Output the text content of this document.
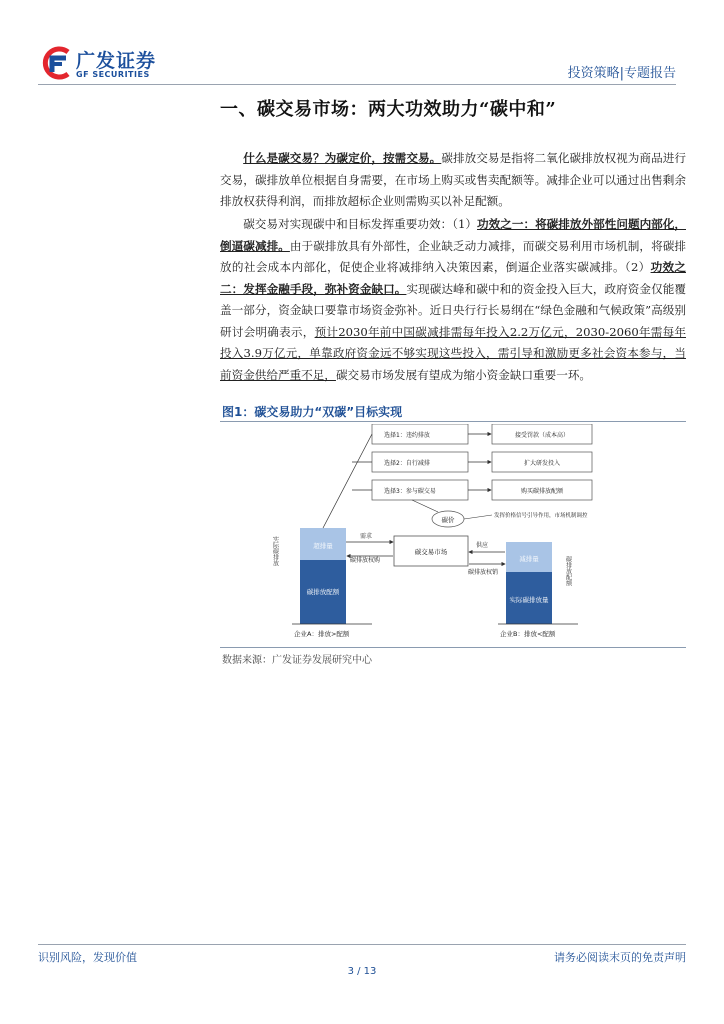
广发证券
GF SECURITIES	投资策略|专题报告
一、碳交易市场：两大功效助力“碳中和”

什么是碳交易？为碳定价，按需交易。碳排放交易是指将二氧化碳排放权视为商品进行交易，碳排放单位根据自身需要，在市场上购买或售卖配额等。减排企业可以通过出售剩余排放权获得利润，而排放超标企业则需购买以补足配额。

碳交易对实现碳中和目标发挥重要功效：（1）功效之一：将碳排放外部性问题内部化，倒逼碳减排。由于碳排放具有外部性，企业缺乏动力减排，而碳交易利用市场机制，将碳排放的社会成本内部化，促使企业将减排纳入决策因素，倒逼企业落实碳减排。（2）功效之二：发挥金融手段，弥补资金缺口。实现碳达峰和碳中和的资金投入巨大，政府资金仅能覆盖一部分，资金缺口要靠市场资金弥补。近日央行行长易纲在“绿色金融和气候政策”高级别研讨会明确表示，预计2030年前中国碳减排需每年投入2.2万亿元，2030-2060年需每年投入3.9万亿元，单靠政府资金远不够实现这些投入，需引导和激励更多社会资本参与，当前资金供给严重不足，碳交易市场发展有望成为缩小资金缺口重要一环。

图1：碳交易助力“双碳”目标实现
实际碳排放
碳排放配额
超排量
碳排放配额
企业A：排放>配额
减排量
实际碳排放量
企业B：排放<配额
选择1：违约排放
选择2：自行减排
选择3：参与碳交易
接受罚款（成本高）
扩大研发投入
购买碳排放配额
碳价	发挥价格信号引导作用，市场机制调控
碳交易市场
需求
碳排放权购
供应
碳排放权销
数据来源：广发证券发展研究中心
识别风险，发现价值	请务必阅读末页的免责声明
3 / 13
